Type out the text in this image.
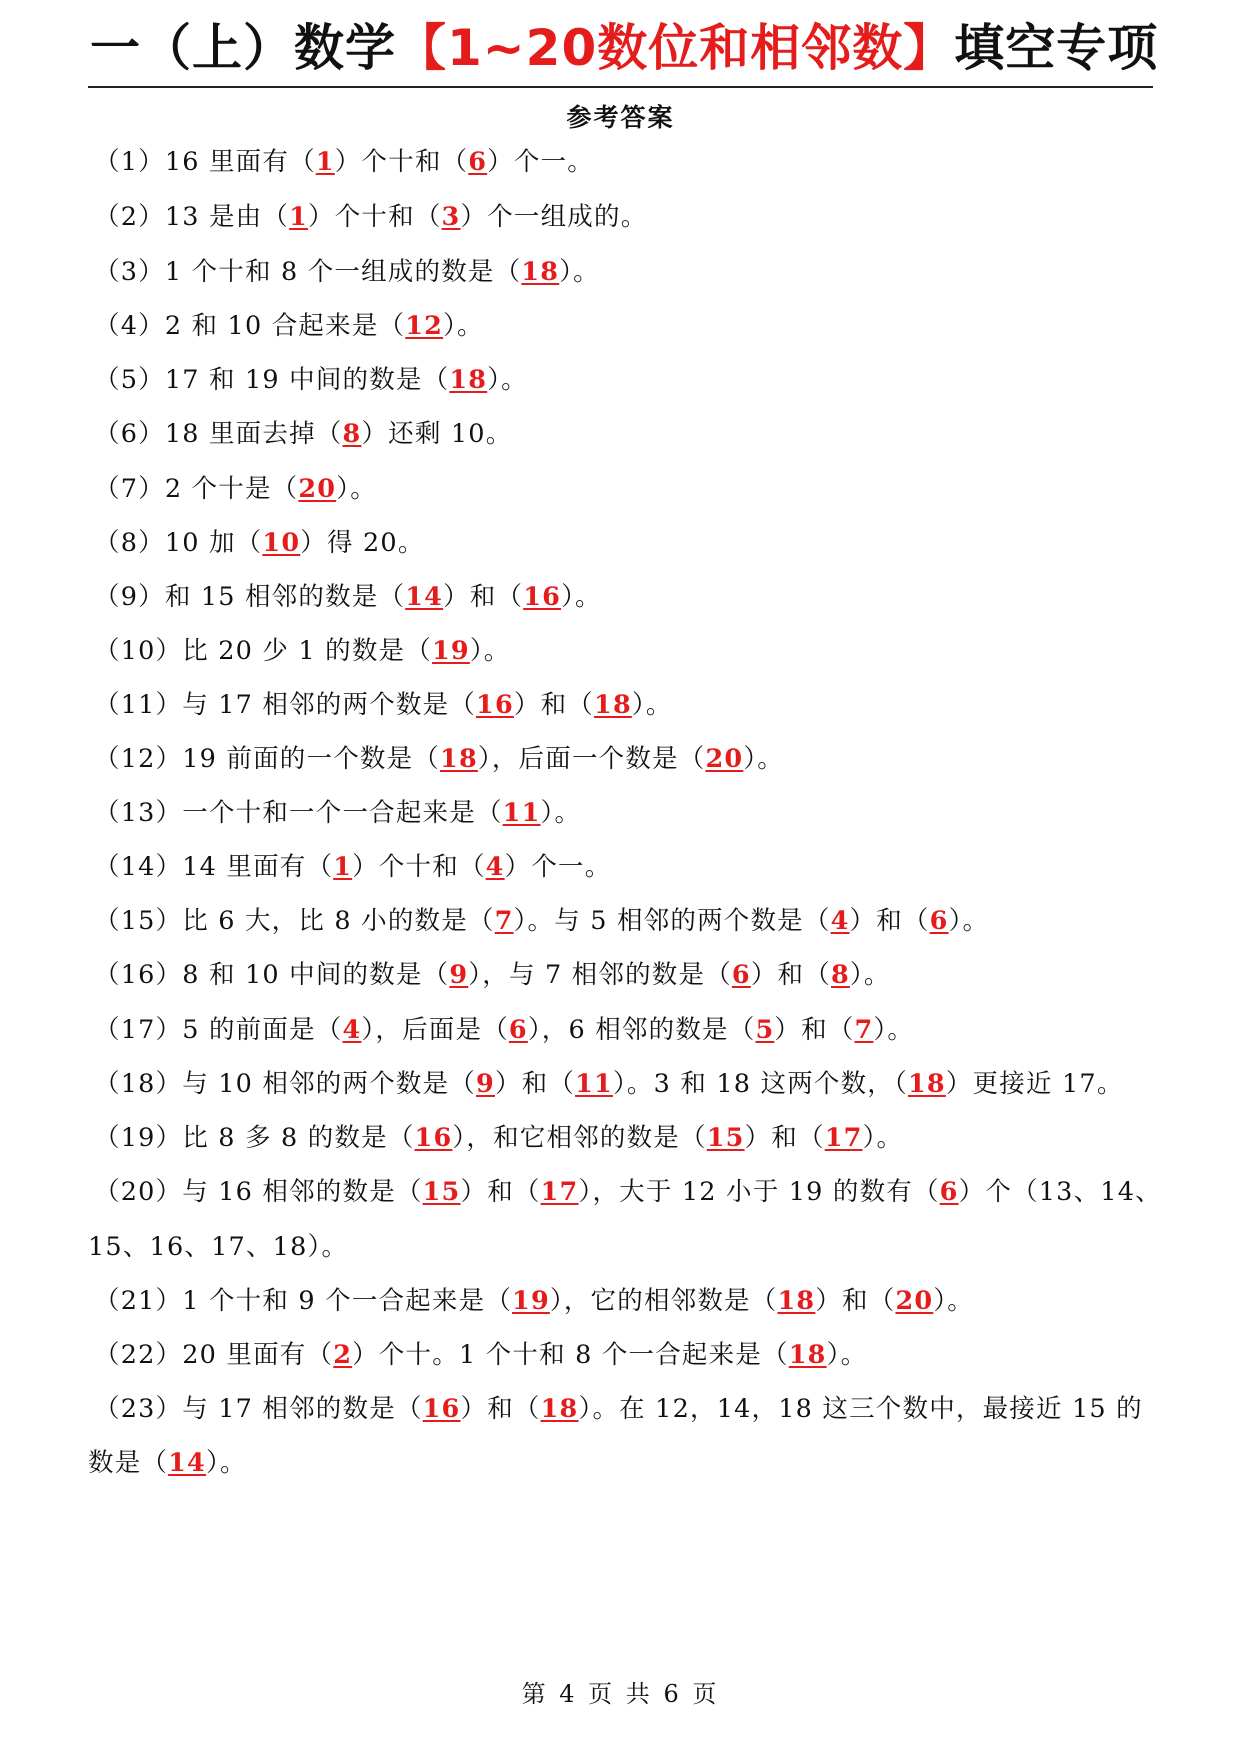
一（上）数学【1~20数位和相邻数】填空专项
参考答案
（1）16 里面有（1）个十和（6）个一。
（2）13 是由（1）个十和（3）个一组成的。
（3）1 个十和 8 个一组成的数是（18）。
（4）2 和 10 合起来是（12）。
（5）17 和 19 中间的数是（18）。
（6）18 里面去掉（8）还剩 10。
（7）2 个十是（20）。
（8）10 加（10）得 20。
（9）和 15 相邻的数是（14）和（16）。
（10）比 20 少 1 的数是（19）。
（11）与 17 相邻的两个数是（16）和（18）。
（12）19 前面的一个数是（18），后面一个数是（20）。
（13）一个十和一个一合起来是（11）。
（14）14 里面有（1）个十和（4）个一。
（15）比 6 大，比 8 小的数是（7）。与 5 相邻的两个数是（4）和（6）。
（16）8 和 10 中间的数是（9），与 7 相邻的数是（6）和（8）。
（17）5 的前面是（4），后面是（6），6 相邻的数是（5）和（7）。
（18）与 10 相邻的两个数是（9）和（11）。3 和 18 这两个数，（18）更接近 17。
（19）比 8 多 8 的数是（16），和它相邻的数是（15）和（17）。
（20）与 16 相邻的数是（15）和（17），大于 12 小于 19 的数有（6）个（13、14、
15、16、17、18）。
（21）1 个十和 9 个一合起来是（19），它的相邻数是（18）和（20）。
（22）20 里面有（2）个十。1 个十和 8 个一合起来是（18）。
（23）与 17 相邻的数是（16）和（18）。在 12，14，18 这三个数中，最接近 15 的
数是（14）。
第 4 页 共 6 页
